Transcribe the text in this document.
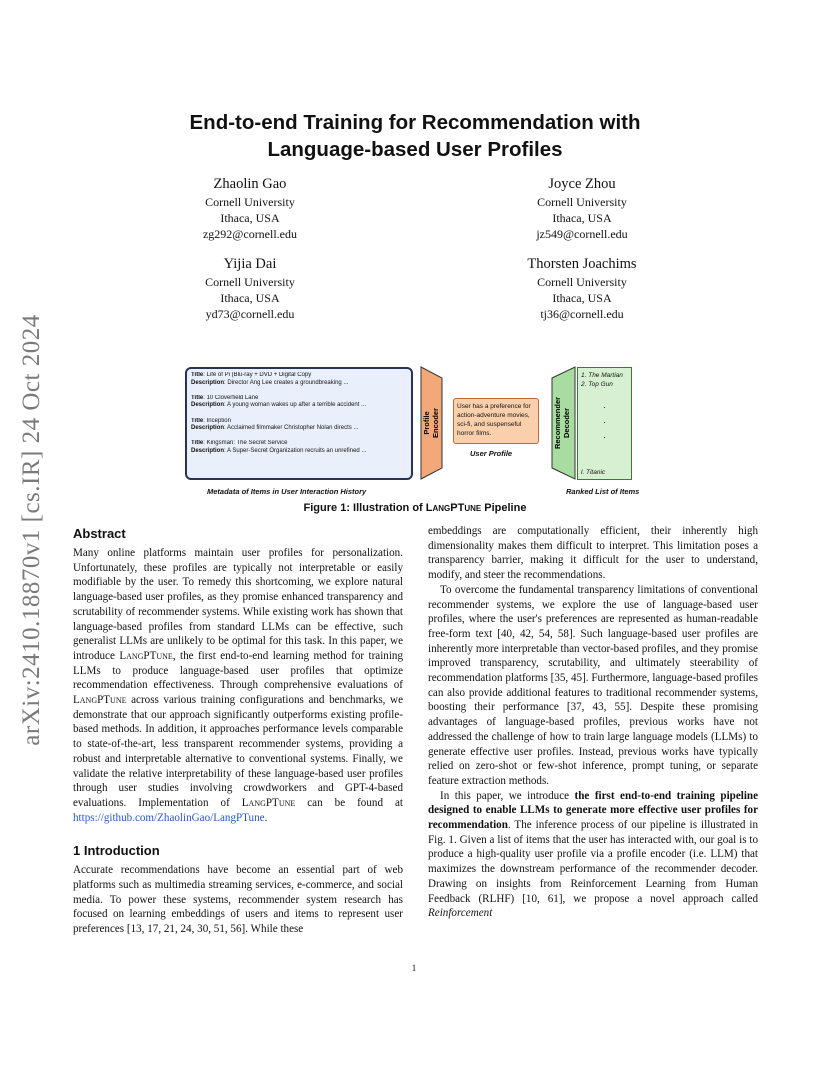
arXiv:2410.18870v1 [cs.IR] 24 Oct 2024
End-to-end Training for Recommendation with
Language-based User Profiles
Zhaolin Gao
Cornell University
Ithaca, USA
zg292@cornell.edu
Joyce Zhou
Cornell University
Ithaca, USA
jz549@cornell.edu
Yijia Dai
Cornell University
Ithaca, USA
yd73@cornell.edu
Thorsten Joachims
Cornell University
Ithaca, USA
tj36@cornell.edu
Title: Life of Pi (Blu-ray + DVD + Digital Copy
Description: Director Ang Lee creates a groundbreaking ...
Title: 10 Cloverfield Lane
Description: A young woman wakes up after a terrible accident ...
Title: Inception
Description: Acclaimed filmmaker Christopher Nolan directs ...
Title: Kingsman: The Secret Service
Description: A Super-Secret Organization recruits an unrefined ...
ProfileEncoder	RecommenderDecoder
User has a preference for action-adventure movies, sci-fi, and suspenseful horror films.
User Profile
1. The Martian
2. Top Gun
.
.
.
l. Titanic
Metadata of Items in User Interaction History	Ranked List of Items
Figure 1: Illustration of LangPTune Pipeline
Abstract

Many online platforms maintain user profiles for personalization. Unfortunately, these profiles are typically not interpretable or easily modifiable by the user. To remedy this shortcoming, we explore natural language-based user profiles, as they promise enhanced transparency and scrutability of recommender systems. While existing work has shown that language-based profiles from standard LLMs can be effective, such generalist LLMs are unlikely to be optimal for this task. In this paper, we introduce LangPTune, the first end-to-end learning method for training LLMs to produce language-based user profiles that optimize recommendation effectiveness. Through comprehensive evaluations of LangPTune across various training configurations and benchmarks, we demonstrate that our approach significantly outperforms existing profile-based methods. In addition, it approaches performance levels comparable to state-of-the-art, less transparent recommender systems, providing a robust and interpretable alternative to conventional systems. Finally, we validate the relative interpretability of these language-based user profiles through user studies involving crowdworkers and GPT-4-based evaluations. Implementation of LangPTune can be found at https://github.com/ZhaolinGao/LangPTune.

1 Introduction

Accurate recommendations have become an essential part of web platforms such as multimedia streaming services, e-commerce, and social media. To power these systems, recommender system research has focused on learning embeddings of users and items to represent user preferences [13, 17, 21, 24, 30, 51, 56]. While these

embeddings are computationally efficient, their inherently high dimensionality makes them difficult to interpret. This limitation poses a transparency barrier, making it difficult for the user to understand, modify, and steer the recommendations.

To overcome the fundamental transparency limitations of conventional recommender systems, we explore the use of language-based user profiles, where the user's preferences are represented as human-readable free-form text [40, 42, 54, 58]. Such language-based user profiles are inherently more interpretable than vector-based profiles, and they promise improved transparency, scrutability, and ultimately steerability of recommendation platforms [35, 45]. Furthermore, language-based profiles can also provide additional features to traditional recommender systems, boosting their performance [37, 43, 55]. Despite these promising advantages of language-based profiles, previous works have not addressed the challenge of how to train large language models (LLMs) to generate effective user profiles. Instead, previous works have typically relied on zero-shot or few-shot inference, prompt tuning, or separate feature extraction methods.

In this paper, we introduce the first end-to-end training pipeline designed to enable LLMs to generate more effective user profiles for recommendation. The inference process of our pipeline is illustrated in Fig. 1. Given a list of items that the user has interacted with, our goal is to produce a high-quality user profile via a profile encoder (i.e. LLM) that maximizes the downstream performance of the recommender decoder. Drawing on insights from Reinforcement Learning from Human Feedback (RLHF) [10, 61], we propose a novel approach called Reinforcement

1
